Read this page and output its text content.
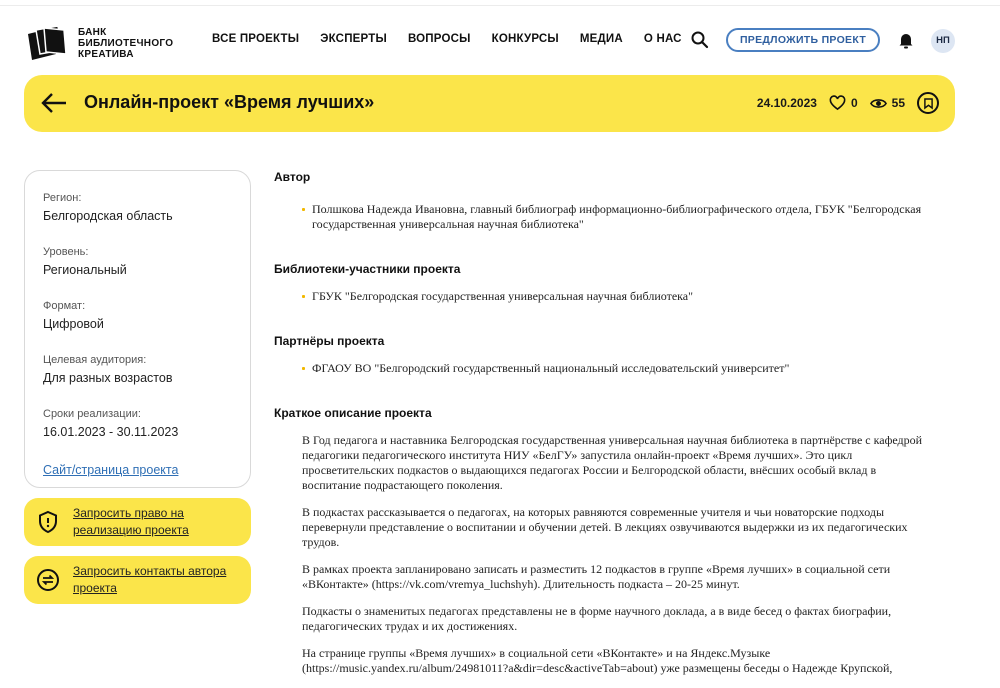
БАНК
БИБЛИОТЕЧНОГО
КРЕАТИВА
ВСЕ ПРОЕКТЫ ЭКСПЕРТЫ ВОПРОСЫ КОНКУРСЫ МЕДИА О НАС	ПРЕДЛОЖИТЬ ПРОЕКТ	НП
Онлайн-проект «Время лучших»	24.10.2023	0	55
Регион:
Белгородская область
Уровень:
Региональный
Формат:
Цифровой
Целевая аудитория:
Для разных возрастов
Сроки реализации:
16.01.2023 - 30.11.2023
Сайт/страница проекта
Запросить право на реализацию проекта
Запросить контакты автора проекта
Автор
Полшкова Надежда Ивановна, главный библиограф информационно-библиографического отдела, ГБУК "Белгородская государственная универсальная научная библиотека"
Библиотеки-участники проекта
ГБУК "Белгородская государственная универсальная научная библиотека"
Партнёры проекта
ФГАОУ ВО "Белгородский государственный национальный исследовательский университет"
Краткое описание проекта

В Год педагога и наставника Белгородская государственная универсальная научная библиотека в партнёрстве с кафедрой педагогики педагогического института НИУ «БелГУ» запустила онлайн-проект «Время лучших». Это цикл просветительских подкастов о выдающихся педагогах России и Белгородской области, внёсших особый вклад в воспитание подрастающего поколения.

В подкастах рассказывается о педагогах, на которых равняются современные учителя и чьи новаторские подходы перевернули представление о воспитании и обучении детей. В лекциях озвучиваются выдержки из их педагогических трудов.

В рамках проекта запланировано записать и разместить 12 подкастов в группе «Время лучших» в социальной сети «ВКонтакте» (https://vk.com/vremya_luchshyh). Длительность подкаста – 20-25 минут.

Подкасты о знаменитых педагогах представлены не в форме научного доклада, а в виде бесед о фактах биографии, педагогических трудах и их достижениях.

На странице группы «Время лучших» в социальной сети «ВКонтакте» и на Яндекс.Музыке (https://music.yandex.ru/album/24981011?a&dir=desc&activeTab=about) уже размещены беседы о Надежде Крупской,
